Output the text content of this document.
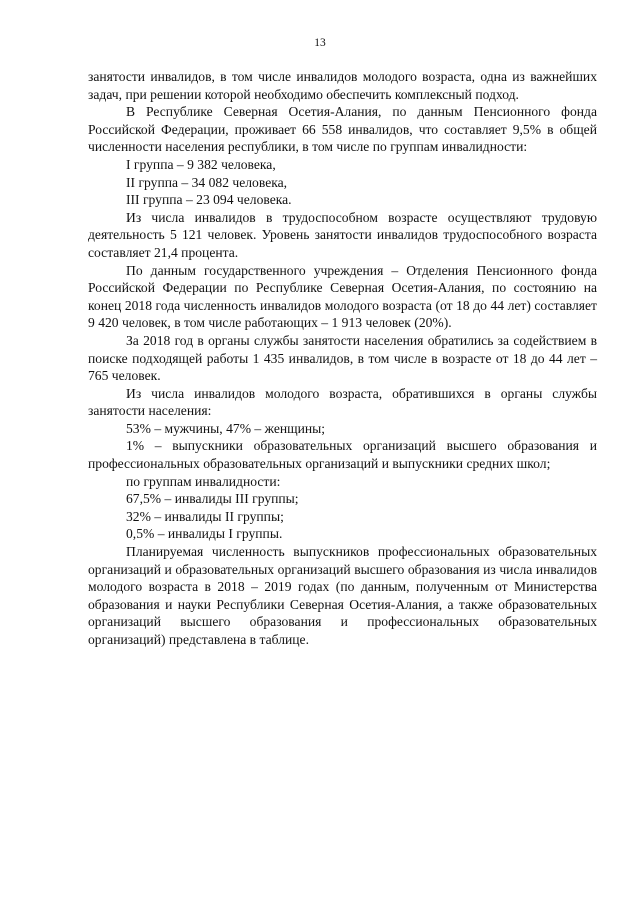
13

занятости инвалидов, в том числе инвалидов молодого возраста, одна из важнейших задач, при решении которой необходимо обеспечить комплексный подход.

В Республике Северная Осетия-Алания, по данным Пенсионного фонда Российской Федерации, проживает 66 558 инвалидов, что составляет 9,5% в общей численности населения республики, в том числе по группам инвалидности:

I группа – 9 382 человека,

II группа – 34 082 человека,

III группа – 23 094 человека.

Из числа инвалидов в трудоспособном возрасте осуществляют трудовую деятельность 5 121 человек. Уровень занятости инвалидов трудоспособного возраста составляет 21,4 процента.

По данным государственного учреждения – Отделения Пенсионного фонда Российской Федерации по Республике Северная Осетия-Алания, по состоянию на конец 2018 года численность инвалидов молодого возраста (от 18 до 44 лет) составляет 9 420 человек, в том числе работающих – 1 913 человек (20%).

За 2018 год в органы службы занятости населения обратились за содействием в поиске подходящей работы 1 435 инвалидов, в том числе в возрасте от 18 до 44 лет – 765 человек.

Из числа инвалидов молодого возраста, обратившихся в органы службы занятости населения:

53% – мужчины, 47% – женщины;

1% – выпускники образовательных организаций высшего образования и профессиональных образовательных организаций и выпускники средних школ;

по группам инвалидности:

67,5% – инвалиды III группы;

32% – инвалиды II группы;

0,5% – инвалиды I группы.

Планируемая численность выпускников профессиональных образовательных организаций и образовательных организаций высшего образования из числа инвалидов молодого возраста в 2018 – 2019 годах (по данным, полученным от Министерства образования и науки Республики Северная Осетия-Алания, а также образовательных организаций высшего образования и профессиональных образовательных организаций) представлена в таблице.
